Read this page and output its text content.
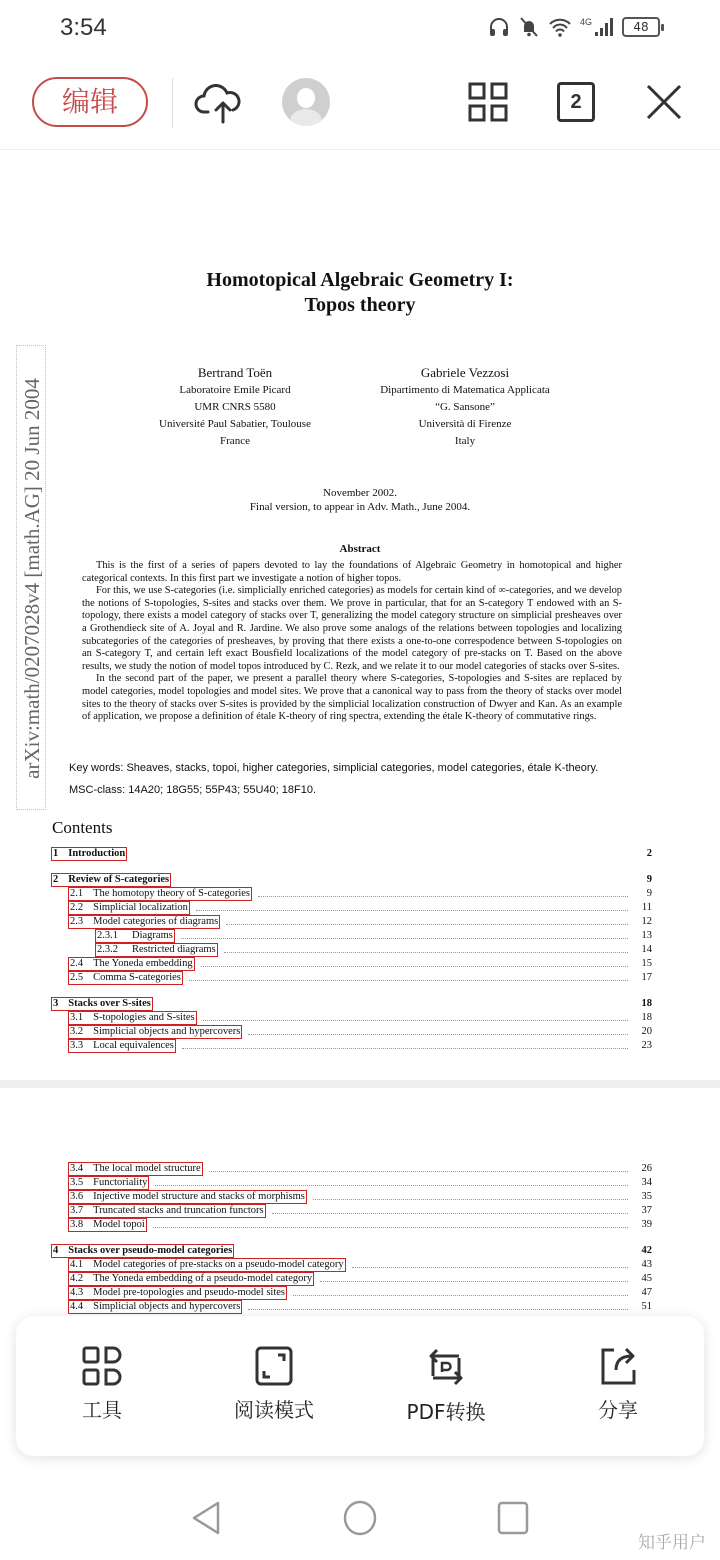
3:54	4G	48
编辑	2
Homotopical Algebraic Geometry I:
Topos theory
Bertrand Toën
Laboratoire Emile Picard
UMR CNRS 5580
Université Paul Sabatier, Toulouse
France
Gabriele Vezzosi
Dipartimento di Matematica Applicata
“G. Sansone”
Università di Firenze
Italy
November 2002.
Final version, to appear in Adv. Math., June 2004.
Abstract

This is the first of a series of papers devoted to lay the foundations of Algebraic Geometry in homotopical and higher categorical contexts. In this first part we investigate a notion of higher topos.

For this, we use S-categories (i.e. simplicially enriched categories) as models for certain kind of ∞-categories, and we develop the notions of S-topologies, S-sites and stacks over them. We prove in particular, that for an S-category T endowed with an S-topology, there exists a model category of stacks over T, generalizing the model category structure on simplicial presheaves over a Grothendieck site of A. Joyal and R. Jardine. We also prove some analogs of the relations between topologies and localizing subcategories of the categories of presheaves, by proving that there exists a one-to-one correspodence between S-topologies on an S-category T, and certain left exact Bousfield localizations of the model category of pre-stacks on T. Based on the above results, we study the notion of model topos introduced by C. Rezk, and we relate it to our model categories of stacks over S-sites.

In the second part of the paper, we present a parallel theory where S-categories, S-topologies and S-sites are replaced by model categories, model topologies and model sites. We prove that a canonical way to pass from the theory of stacks over model sites to the theory of stacks over S-sites is provided by the simplicial localization construction of Dwyer and Kan. As an example of application, we propose a definition of étale K-theory of ring spectra, extending the étale K-theory of commutative rings.

Key words: Sheaves, stacks, topoi, higher categories, simplicial categories, model categories, étale K-theory.
MSC-class: 14A20; 18G55; 55P43; 55U40; 18F10.
Contents
1 Introduction	2
2 Review of S-categories	9
2.1 The homotopy theory of S-categories	9
2.2 Simplicial localization	11
2.3 Model categories of diagrams	12
2.3.1 Diagrams	13
2.3.2 Restricted diagrams	14
2.4 The Yoneda embedding	15
2.5 Comma S-categories	17
3 Stacks over S-sites	18
3.1 S-topologies and S-sites	18
3.2 Simplicial objects and hypercovers	20
3.3 Local equivalences	23
arXiv:math/0207028v4 [math.AG] 20 Jun 2004
3.4 The local model structure	26
3.5 Functoriality	34
3.6 Injective model structure and stacks of morphisms	35
3.7 Truncated stacks and truncation functors	37
3.8 Model topoi	39
4 Stacks over pseudo-model categories	42
4.1 Model categories of pre-stacks on a pseudo-model category	43
4.2 The Yoneda embedding of a pseudo-model category	45
4.3 Model pre-topologies and pseudo-model sites	47
4.4 Simplicial objects and hypercovers	51
工具	阅读模式	PDF转换	分享
知乎用户
